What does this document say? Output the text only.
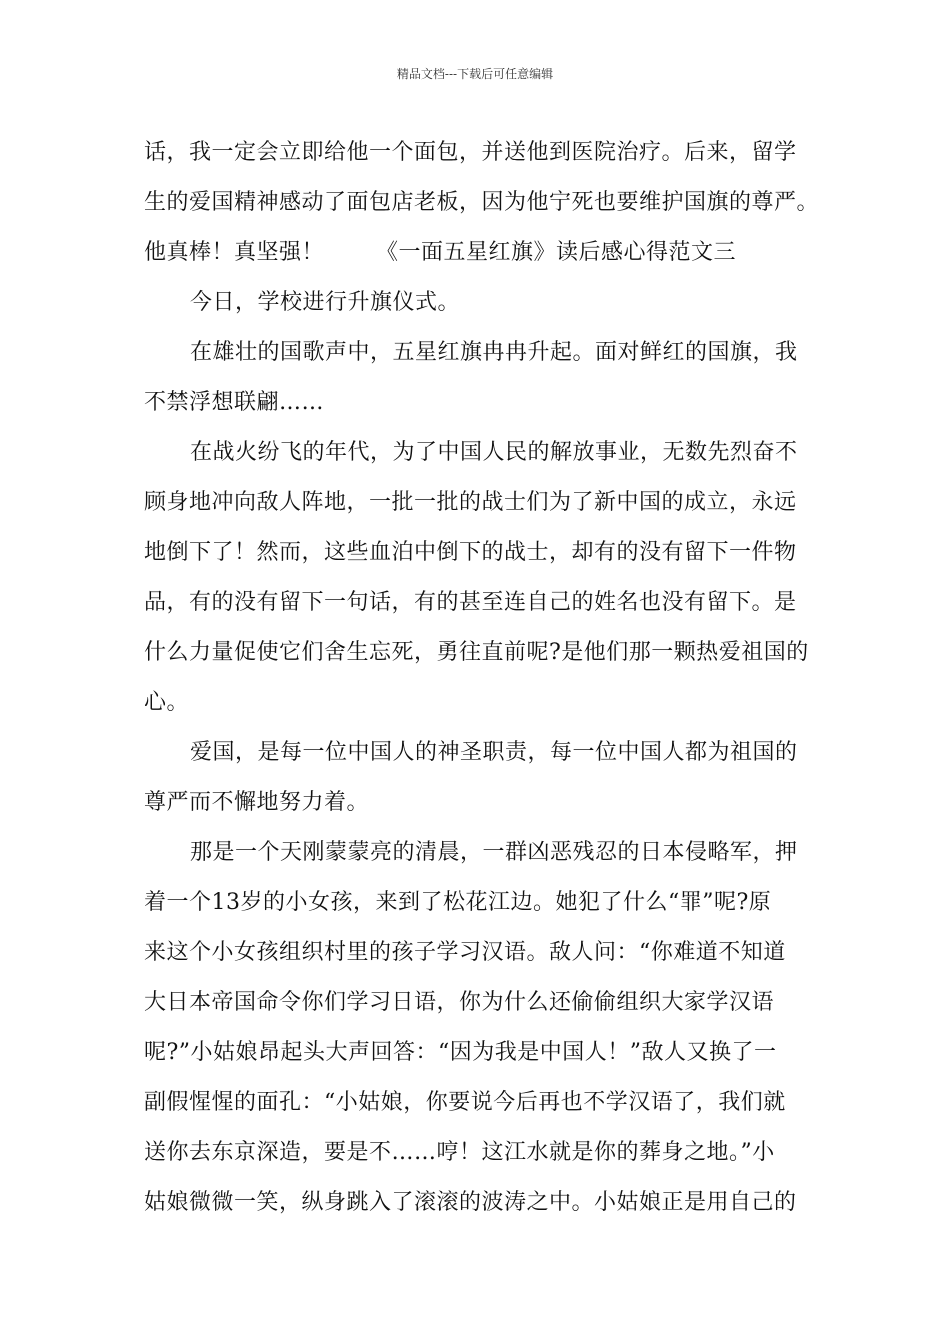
精品文档---下载后可任意编辑
话，我一定会立即给他一个面包，并送他到医院治疗。后来，留学
生的爱国精神感动了面包店老板，因为他宁死也要维护国旗的尊严。
他真棒！真坚强！ 《一面五星红旗》读后感心得范文三
今日，学校进行升旗仪式。
在雄壮的国歌声中，五星红旗冉冉升起。面对鲜红的国旗，我
不禁浮想联翩……
在战火纷飞的年代，为了中国人民的解放事业，无数先烈奋不
顾身地冲向敌人阵地，一批一批的战士们为了新中国的成立，永远
地倒下了！然而，这些血泊中倒下的战士，却有的没有留下一件物
品，有的没有留下一句话，有的甚至连自己的姓名也没有留下。是
什么力量促使它们舍生忘死，勇往直前呢?是他们那一颗热爱祖国的
心。
爱国，是每一位中国人的神圣职责，每一位中国人都为祖国的
尊严而不懈地努力着。
那是一个天刚蒙蒙亮的清晨，一群凶恶残忍的日本侵略军，押
着一个13岁的小女孩，来到了松花江边。她犯了什么“罪”呢?原
来这个小女孩组织村里的孩子学习汉语。敌人问：“你难道不知道
大日本帝国命令你们学习日语，你为什么还偷偷组织大家学汉语
呢?”小姑娘昂起头大声回答：“因为我是中国人！”敌人又换了一
副假惺惺的面孔：“小姑娘，你要说今后再也不学汉语了，我们就
送你去东京深造，要是不……哼！这江水就是你的葬身之地。”小
姑娘微微一笑，纵身跳入了滚滚的波涛之中。小姑娘正是用自己的
